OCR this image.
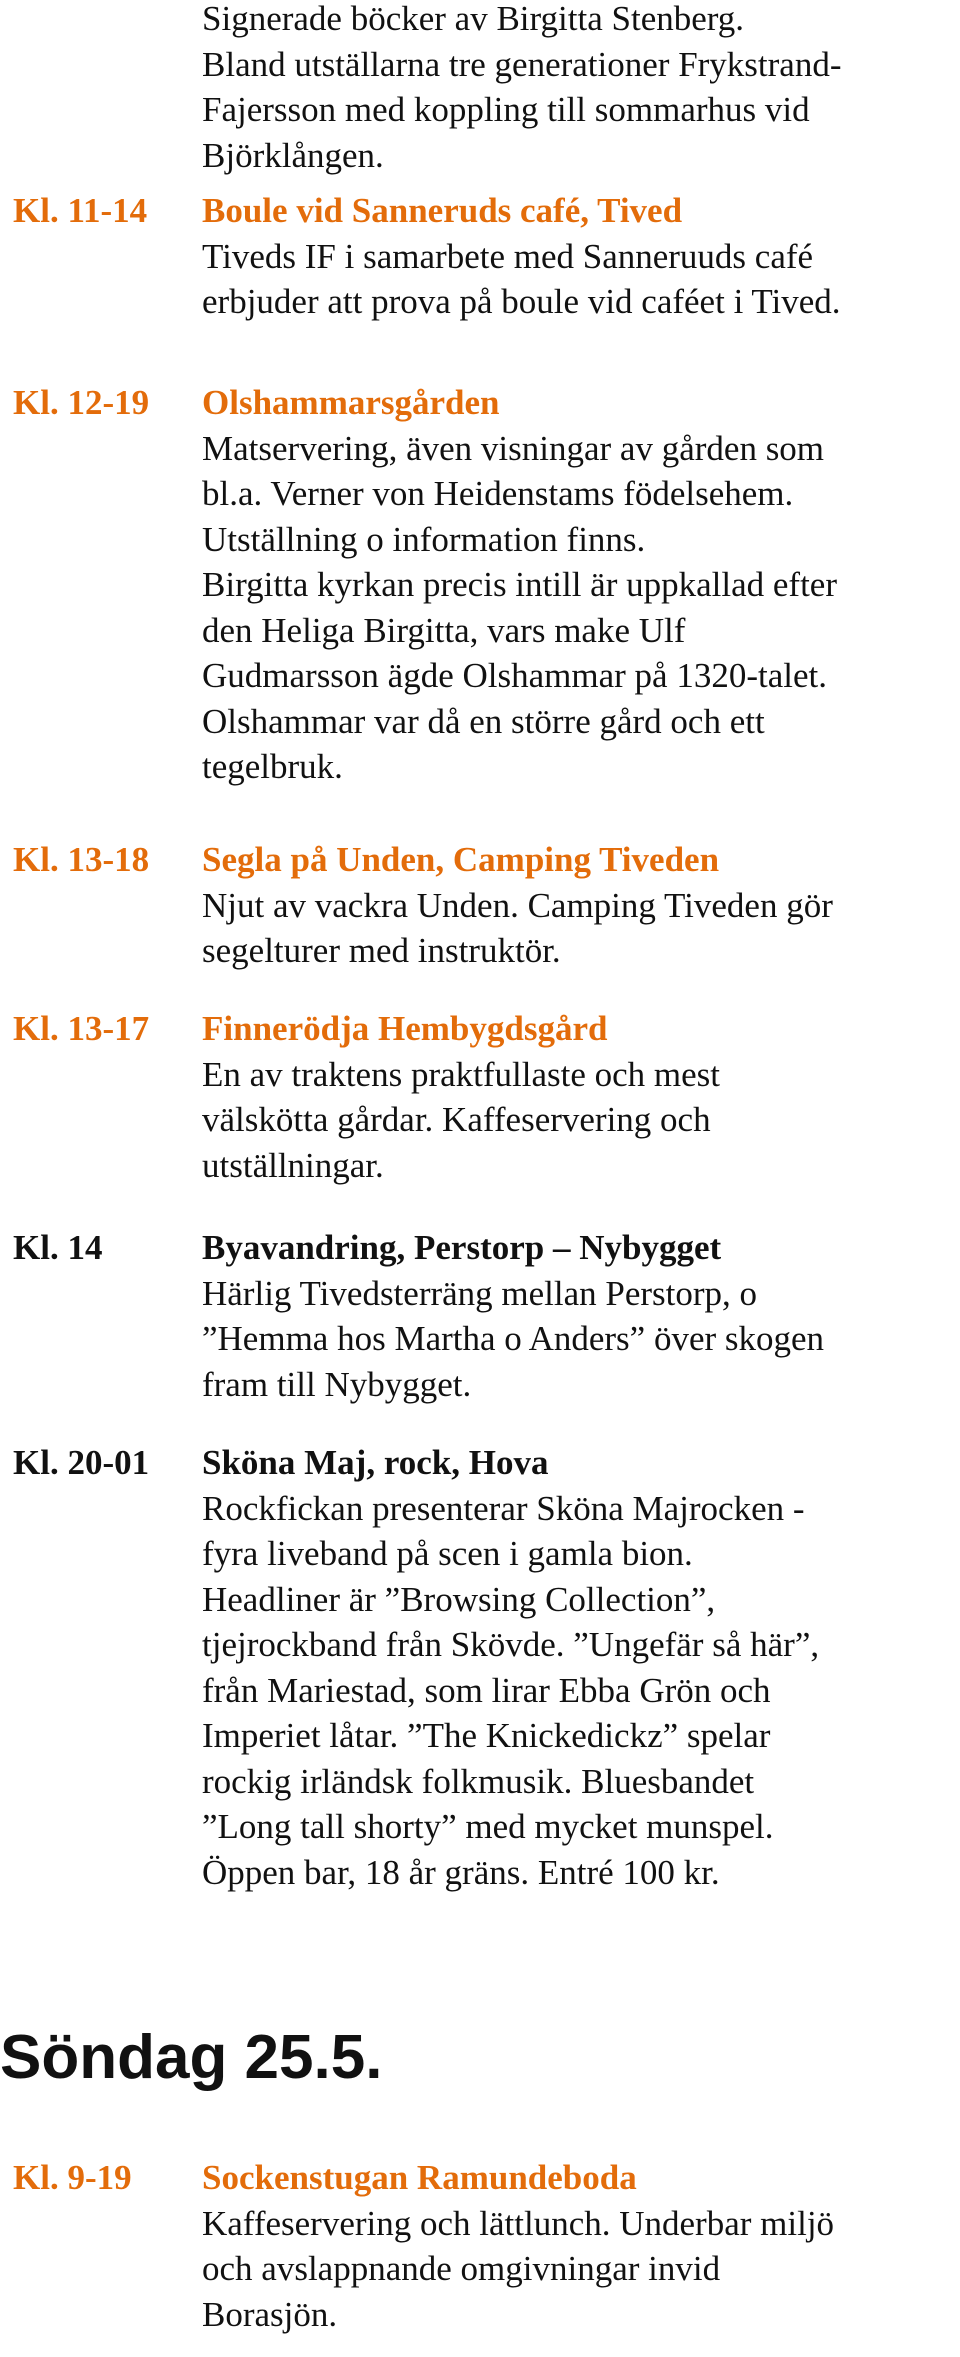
Signerade böcker av Birgitta Stenberg.
Bland utställarna tre generationer Frykstrand-
Fajersson med koppling till sommarhus vid
Björklången.
Kl. 11-14 Boule vid Sanneruds café, Tived
Tiveds IF i samarbete med Sanneruuds café
erbjuder att prova på boule vid caféet i Tived.
Kl. 12-19 Olshammarsgården
Matservering, även visningar av gården som
bl.a. Verner von Heidenstams födelsehem.
Utställning o information finns.
Birgitta kyrkan precis intill är uppkallad efter
den Heliga Birgitta, vars make Ulf
Gudmarsson ägde Olshammar på 1320-talet.
Olshammar var då en större gård och ett
tegelbruk.
Kl. 13-18 Segla på Unden, Camping Tiveden
Njut av vackra Unden. Camping Tiveden gör
segelturer med instruktör.
Kl. 13-17 Finnerödja Hembygdsgård
En av traktens praktfullaste och mest
välskötta gårdar. Kaffeservering och
utställningar.
Kl. 14	Byavandring, Perstorp – Nybygget
Härlig Tivedsterräng mellan Perstorp, o
”Hemma hos Martha o Anders” över skogen
fram till Nybygget.
Kl. 20-01 Sköna Maj, rock, Hova
Rockfickan presenterar Sköna Majrocken -
fyra liveband på scen i gamla bion.
Headliner är ”Browsing Collection”,
tjejrockband från Skövde. ”Ungefär så här”,
från Mariestad, som lirar Ebba Grön och
Imperiet låtar. ”The Knickedickz” spelar
rockig irländsk folkmusik. Bluesbandet
”Long tall shorty” med mycket munspel.
Öppen bar, 18 år gräns. Entré 100 kr.
Söndag 25.5.
Kl. 9-19 Sockenstugan Ramundeboda
Kaffeservering och lättlunch. Underbar miljö
och avslappnande omgivningar invid
Borasjön.
